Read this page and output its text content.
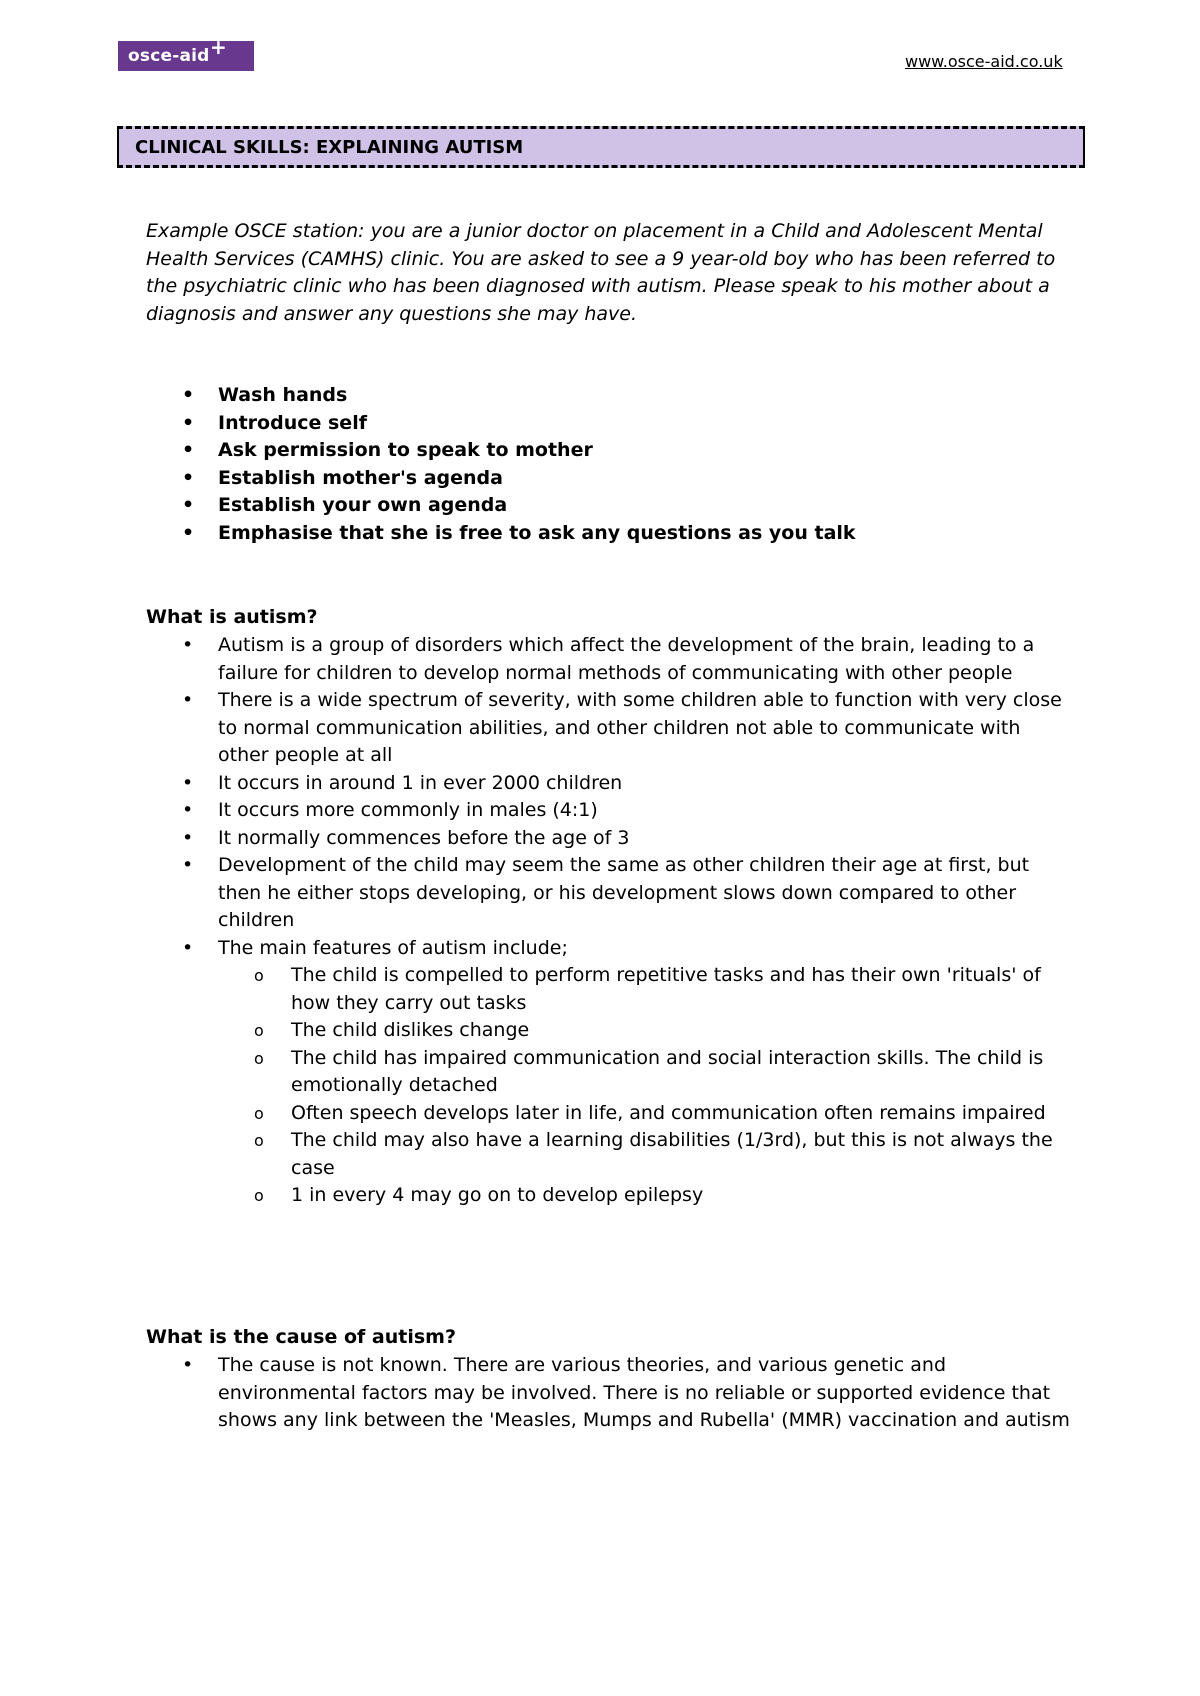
osce-aid +
www.osce-aid.co.uk
CLINICAL SKILLS: EXPLAINING AUTISM
Example OSCE station: you are a junior doctor on placement in a Child and Adolescent Mental Health Services (CAMHS) clinic. You are asked to see a 9 year-old boy who has been referred to the psychiatric clinic who has been diagnosed with autism. Please speak to his mother about a diagnosis and answer any questions she may have.
• Wash hands
• Introduce self
• Ask permission to speak to mother
• Establish mother's agenda
• Establish your own agenda
• Emphasise that she is free to ask any questions as you talk
What is autism?
• Autism is a group of disorders which affect the development of the brain, leading to a failure for children to develop normal methods of communicating with other people
• There is a wide spectrum of severity, with some children able to function with very close to normal communication abilities, and other children not able to communicate with other people at all
• It occurs in around 1 in ever 2000 children
• It occurs more commonly in males (4:1)
• It normally commences before the age of 3
• Development of the child may seem the same as other children their age at first, but then he either stops developing, or his development slows down compared to other children
• The main features of autism include;
o The child is compelled to perform repetitive tasks and has their own 'rituals' of how they carry out tasks
o The child dislikes change
o The child has impaired communication and social interaction skills. The child is emotionally detached
o Often speech develops later in life, and communication often remains impaired
o The child may also have a learning disabilities (1/3rd), but this is not always the case
o 1 in every 4 may go on to develop epilepsy
What is the cause of autism?
• The cause is not known. There are various theories, and various genetic and environmental factors may be involved. There is no reliable or supported evidence that shows any link between the 'Measles, Mumps and Rubella' (MMR) vaccination and autism
